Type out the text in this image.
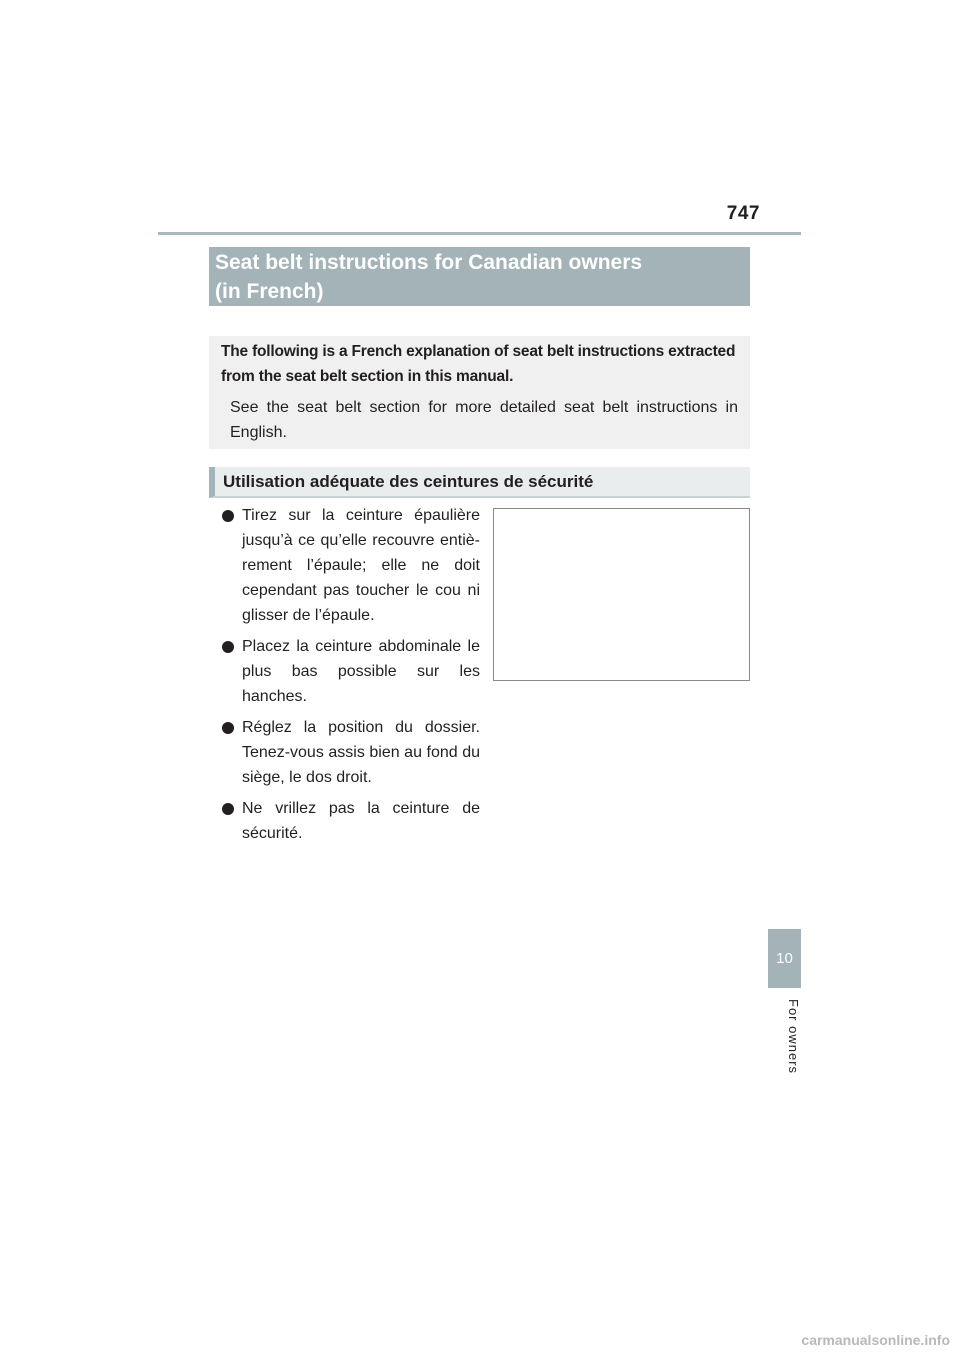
747
Seat belt instructions for Canadian owners
(in French)

The following is a French explanation of seat belt instructions extracted from the seat belt section in this manual.

See the seat belt section for more detailed seat belt instructions in English.

Utilisation adéquate des ceintures de sécurité
Tirez sur la ceinture épaulière jusqu’à ce qu’elle recouvre entiè-rement l’épaule; elle ne doit cependant pas toucher le cou ni glisser de l’épaule.
Placez la ceinture abdominale le plus bas possible sur les hanches.
Réglez la position du dossier. Tenez-vous assis bien au fond du siège, le dos droit.
Ne vrillez pas la ceinture de sécurité.
10
For owners
carmanualsonline.info
